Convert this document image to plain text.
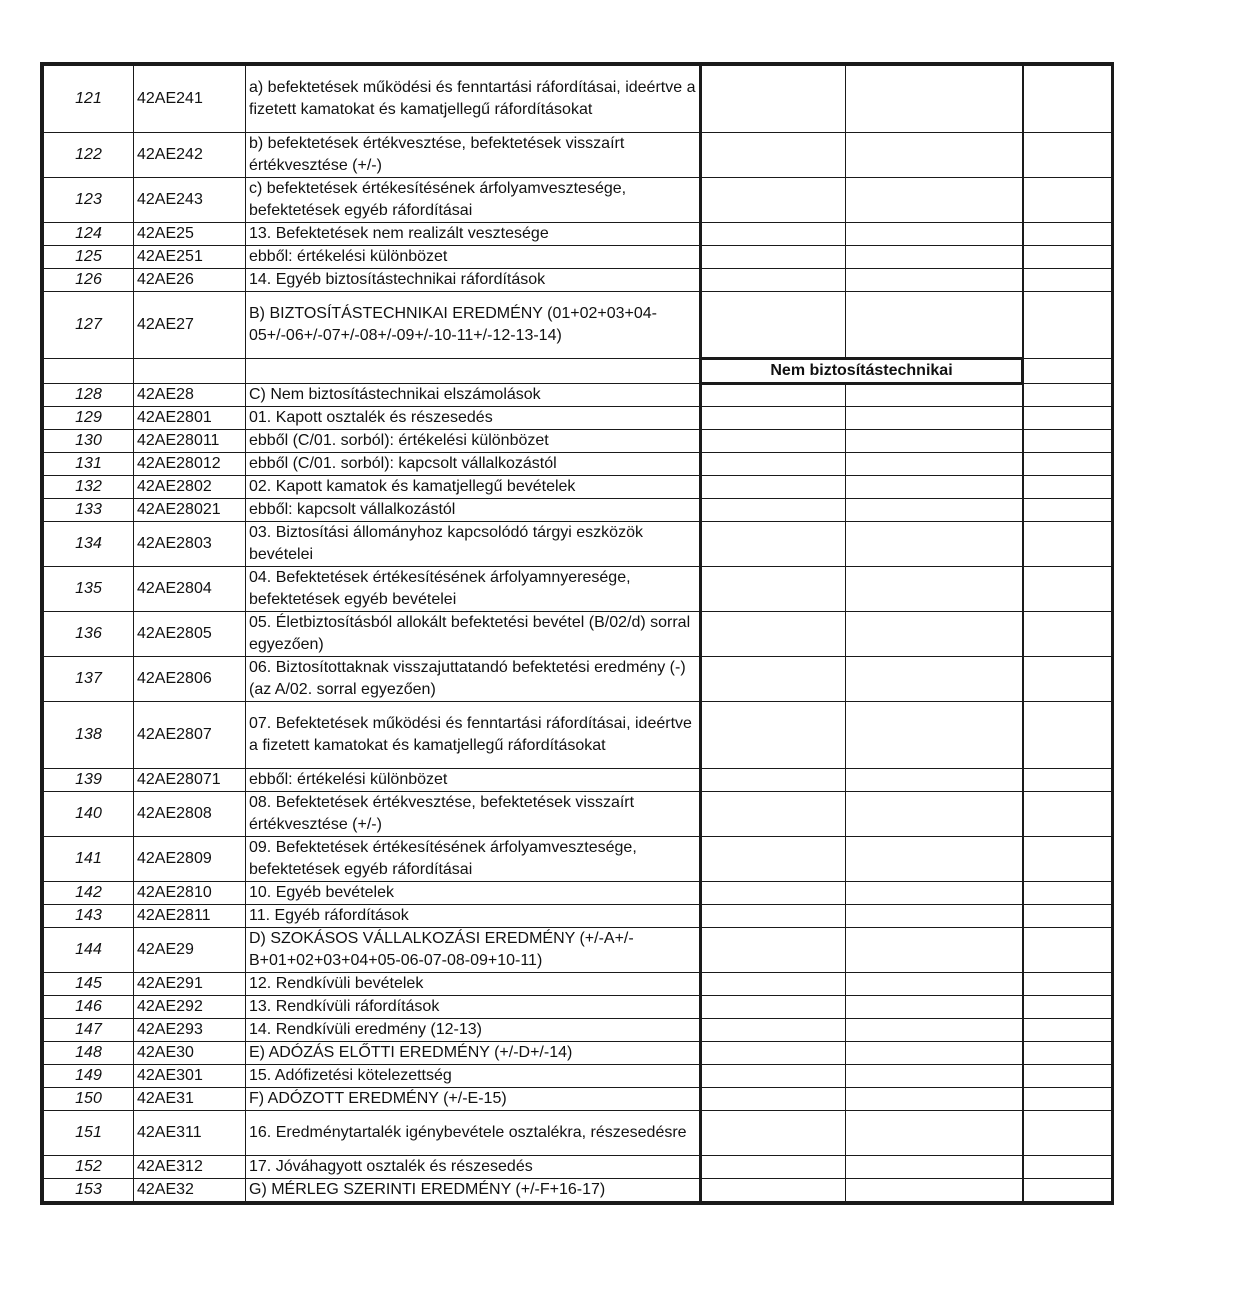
121	42AE241	a) befektetések működési és fenntartási ráfordításai, ideértve a fizetett kamatokat és kamatjellegű ráfordításokat			
122	42AE242	b) befektetések értékvesztése, befektetések visszaírt értékvesztése (+/-)			
123	42AE243	c) befektetések értékesítésének árfolyamvesztesége, befektetések egyéb ráfordításai			
124	42AE25	13. Befektetések nem realizált vesztesége			
125	42AE251	ebből: értékelési különbözet			
126	42AE26	14. Egyéb biztosítástechnikai ráfordítások			
127	42AE27	B) BIZTOSÍTÁSTECHNIKAI EREDMÉNY (01+02+03+04-05+/-06+/-07+/-08+/-09+/-10-11+/-12-13-14)			
			Nem biztosítástechnikai		
128	42AE28	C) Nem biztosítástechnikai elszámolások			
129	42AE2801	01. Kapott osztalék és részesedés			
130	42AE28011	ebből (C/01. sorból): értékelési különbözet			
131	42AE28012	ebből (C/01. sorból): kapcsolt vállalkozástól			
132	42AE2802	02. Kapott kamatok és kamatjellegű bevételek			
133	42AE28021	ebből: kapcsolt vállalkozástól			
134	42AE2803	03. Biztosítási állományhoz kapcsolódó tárgyi eszközök bevételei			
135	42AE2804	04. Befektetések értékesítésének árfolyamnyeresége, befektetések egyéb bevételei			
136	42AE2805	05. Életbiztosításból allokált befektetési bevétel (B/02/d) sorral egyezően)			
137	42AE2806	06. Biztosítottaknak visszajuttatandó befektetési eredmény (-) (az A/02. sorral egyezően)			
138	42AE2807	07. Befektetések működési és fenntartási ráfordításai, ideértve a fizetett kamatokat és kamatjellegű ráfordításokat			
139	42AE28071	ebből: értékelési különbözet			
140	42AE2808	08. Befektetések értékvesztése, befektetések visszaírt értékvesztése (+/-)			
141	42AE2809	09. Befektetések értékesítésének árfolyamvesztesége, befektetések egyéb ráfordításai			
142	42AE2810	10. Egyéb bevételek			
143	42AE2811	11. Egyéb ráfordítások			
144	42AE29	D) SZOKÁSOS VÁLLALKOZÁSI EREDMÉNY (+/-A+/-B+01+02+03+04+05-06-07-08-09+10-11)			
145	42AE291	12. Rendkívüli bevételek			
146	42AE292	13. Rendkívüli ráfordítások			
147	42AE293	14. Rendkívüli eredmény (12-13)			
148	42AE30	E) ADÓZÁS ELŐTTI EREDMÉNY (+/-D+/-14)			
149	42AE301	15. Adófizetési kötelezettség			
150	42AE31	F) ADÓZOTT EREDMÉNY (+/-E-15)			
151	42AE311	16. Eredménytartalék igénybevétele osztalékra, részesedésre			
152	42AE312	17. Jóváhagyott osztalék és részesedés			
153	42AE32	G) MÉRLEG SZERINTI EREDMÉNY (+/-F+16-17)			
